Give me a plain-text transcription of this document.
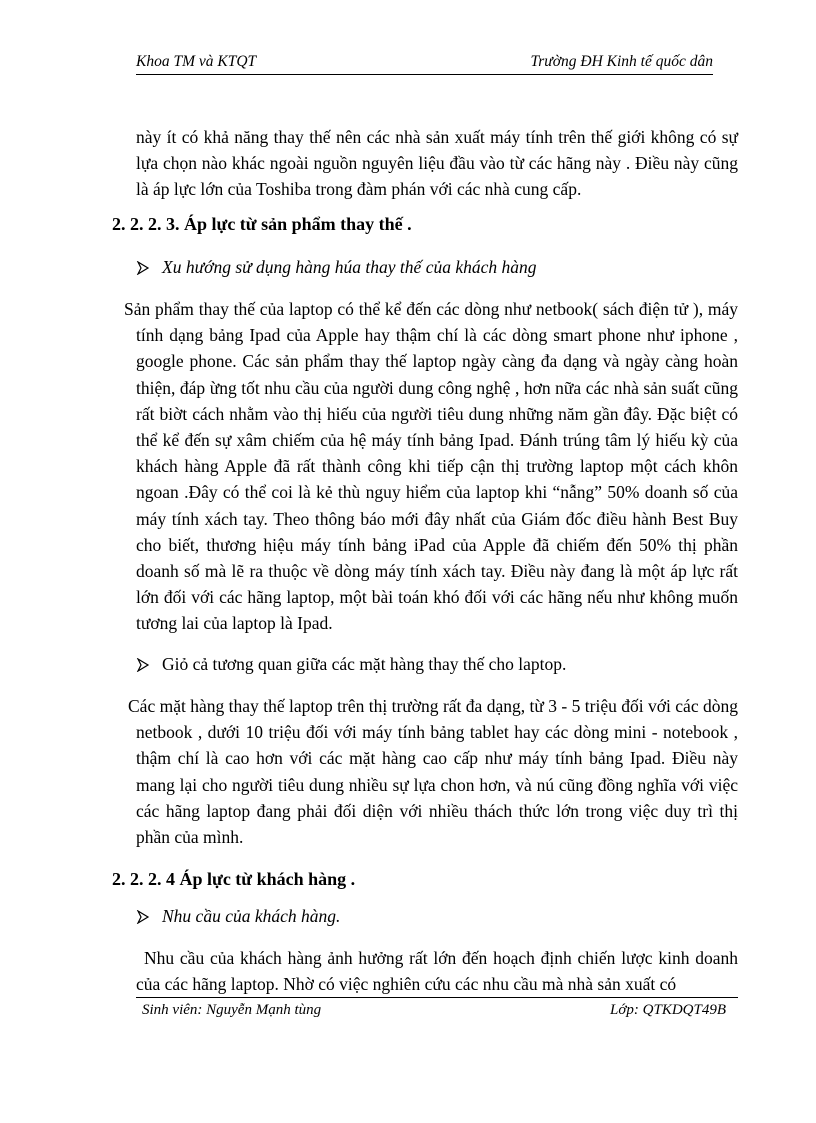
Khoa TM và KTQT	Trường ĐH Kinh tế quốc dân

này ít có khả năng thay thế nên các nhà sản xuất máy tính trên thế giới không có sự lựa chọn nào khác ngoài nguồn nguyên liệu đầu vào từ các hãng này . Điều này cũng là áp lực lớn của Toshiba trong đàm phán với các nhà cung cấp.

2. 2. 2. 3. Áp lực từ sản phẩm thay thế .

Xu hướng sử dụng hàng húa thay thế của khách hàng

Sản phẩm thay thế của laptop có thể kể đến các dòng như netbook( sách điện tử ), máy tính dạng bảng Ipad của Apple hay thậm chí là các dòng smart phone như iphone , google phone. Các sản phẩm thay thế laptop ngày càng đa dạng và ngày càng hoàn thiện, đáp ừng tốt nhu cầu của người dung công nghệ , hơn nữa các nhà sản suất cũng rất biờt cách nhằm vào thị hiếu của người tiêu dung những năm gần đây. Đặc biệt có thể kể đến sự xâm chiếm của hệ máy tính bảng Ipad. Đánh trúng tâm lý hiếu kỳ của khách hàng Apple đã rất thành công khi tiếp cận thị trường laptop một cách khôn ngoan .Đây có thể coi là kẻ thù nguy hiểm của laptop khi “nẫng” 50% doanh số của máy tính xách tay. Theo thông báo mới đây nhất của Giám đốc điều hành Best Buy cho biết, thương hiệu máy tính bảng iPad của Apple đã chiếm đến 50% thị phần doanh số mà lẽ ra thuộc về dòng máy tính xách tay. Điều này đang là một áp lực rất lớn đối với các hãng laptop, một bài toán khó đối với các hãng nếu như không muốn tương lai của laptop là Ipad.

Giỏ cả tương quan giữa các mặt hàng thay thế cho laptop.

Các mặt hàng thay thế laptop trên thị trường rất đa dạng, từ 3 - 5 triệu đối với các dòng netbook , dưới 10 triệu đối với máy tính bảng tablet hay các dòng mini - notebook , thậm chí là cao hơn với các mặt hàng cao cấp như máy tính bảng Ipad. Điều này mang lại cho người tiêu dung nhiều sự lựa chon hơn, và nú cũng đồng nghĩa với việc các hãng laptop đang phải đối diện với nhiều thách thức lớn trong việc duy trì thị phần của mình.

2. 2. 2. 4 Áp lực từ khách hàng .

Nhu cầu của khách hàng.

Nhu cầu của khách hàng ảnh hưởng rất lớn đến hoạch định chiến lược kinh doanh của các hãng laptop. Nhờ có việc nghiên cứu các nhu cầu mà nhà sản xuất có

Sinh viên: Nguyễn Mạnh tùng	Lớp: QTKDQT49B
